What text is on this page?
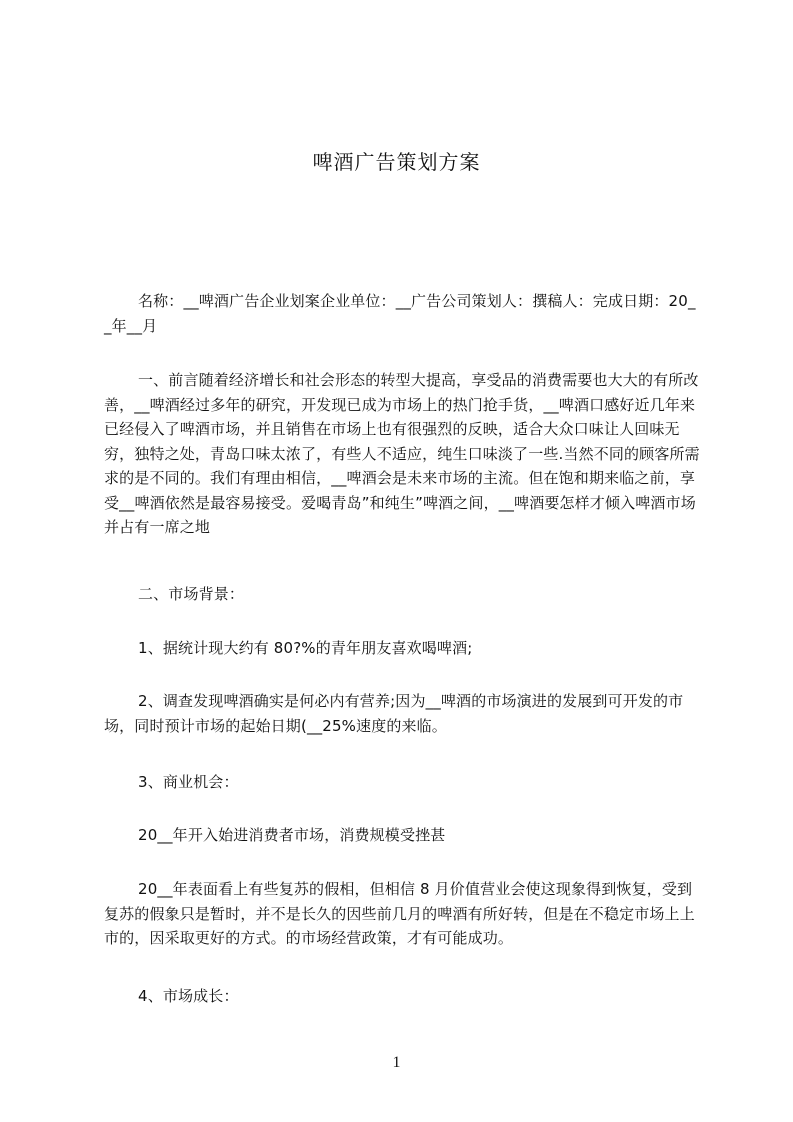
啤酒广告策划方案
名称：__啤酒广告企业划案企业单位：__广告公司策划人：撰稿人：完成日期：20__年__月
一、前言随着经济增长和社会形态的转型大提高，享受品的消费需要也大大的有所改善，__啤酒经过多年的研究，开发现已成为市场上的热门抢手货，__啤酒口感好近几年来已经侵入了啤酒市场，并且销售在市场上也有很强烈的反映，适合大众口味让人回味无穷，独特之处，青岛口味太浓了，有些人不适应，纯生口味淡了一些.当然不同的顾客所需求的是不同的。我们有理由相信，__啤酒会是未来市场的主流。但在饱和期来临之前，享受__啤酒依然是最容易接受。爱喝青岛”和纯生”啤酒之间，__啤酒要怎样才倾入啤酒市场并占有一席之地
二、市场背景：
1、据统计现大约有 80?%的青年朋友喜欢喝啤酒;
2、调查发现啤酒确实是何必内有营养;因为__啤酒的市场演进的发展到可开发的市场，同时预计市场的起始日期(__25%速度的来临。
3、商业机会：
20__年开入始进消费者市场，消费规模受挫甚
20__年表面看上有些复苏的假相，但相信 8 月价值营业会使这现象得到恢复，受到复苏的假象只是暂时，并不是长久的因些前几月的啤酒有所好转，但是在不稳定市场上上市的，因采取更好的方式。的市场经营政策，才有可能成功。
4、市场成长：
1
